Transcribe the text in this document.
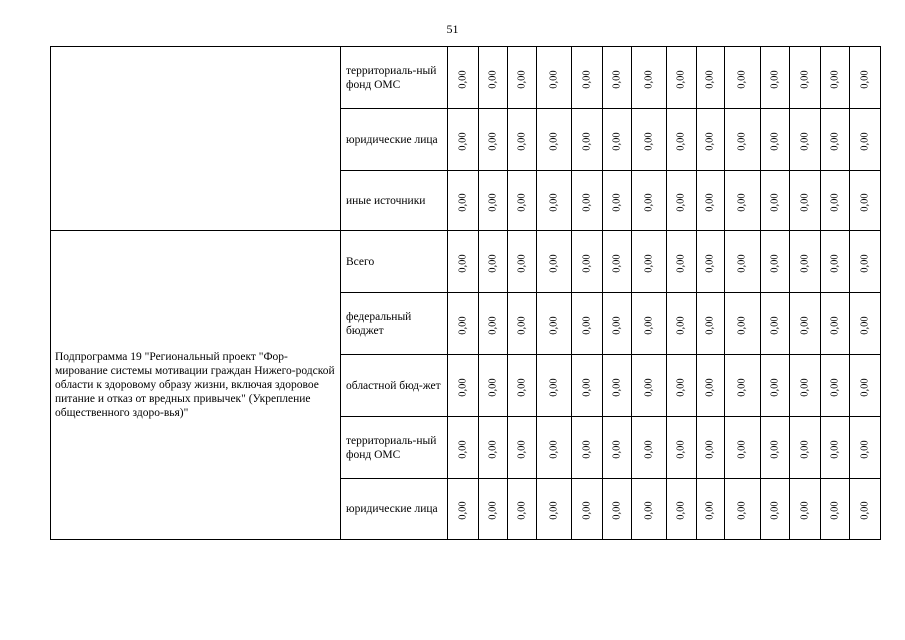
51
	территориаль-ный фонд ОМС	0,00	0,00	0,00	0,00	0,00	0,00	0,00	0,00	0,00	0,00	0,00	0,00	0,00	0,00
	юридические лица	0,00	0,00	0,00	0,00	0,00	0,00	0,00	0,00	0,00	0,00	0,00	0,00	0,00	0,00
	иные источники	0,00	0,00	0,00	0,00	0,00	0,00	0,00	0,00	0,00	0,00	0,00	0,00	0,00	0,00
Подпрограмма 19 "Региональный проект "Фор-мирование системы мотивации граждан Нижего-родской области к здоровому образу жизни, включая здоровое питание и отказ от вредных привычек" (Укрепление общественного здоро-вья)"	Всего	0,00	0,00	0,00	0,00	0,00	0,00	0,00	0,00	0,00	0,00	0,00	0,00	0,00	0,00
	федеральный бюджет	0,00	0,00	0,00	0,00	0,00	0,00	0,00	0,00	0,00	0,00	0,00	0,00	0,00	0,00
	областной бюд-жет	0,00	0,00	0,00	0,00	0,00	0,00	0,00	0,00	0,00	0,00	0,00	0,00	0,00	0,00
	территориаль-ный фонд ОМС	0,00	0,00	0,00	0,00	0,00	0,00	0,00	0,00	0,00	0,00	0,00	0,00	0,00	0,00
	юридические лица	0,00	0,00	0,00	0,00	0,00	0,00	0,00	0,00	0,00	0,00	0,00	0,00	0,00	0,00
